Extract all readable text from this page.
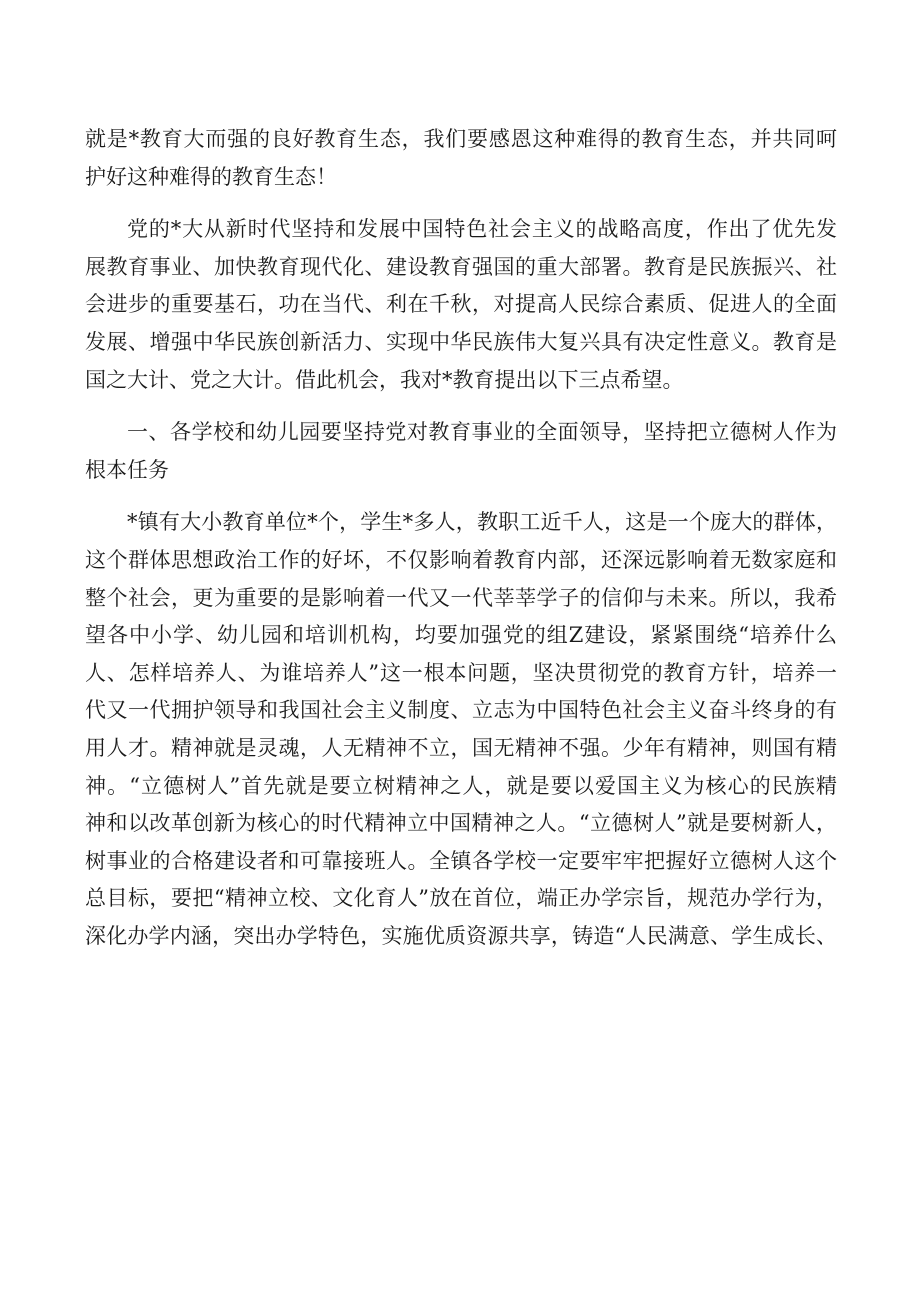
就是*教育大而强的良好教育生态，我们要感恩这种难得的教育生态，并共同呵
护好这种难得的教育生态！
党的*大从新时代坚持和发展中国特色社会主义的战略高度，作出了优先发
展教育事业、加快教育现代化、建设教育强国的重大部署。教育是民族振兴、社
会进步的重要基石，功在当代、利在千秋，对提高人民综合素质、促进人的全面
发展、增强中华民族创新活力、实现中华民族伟大复兴具有决定性意义。教育是
国之大计、党之大计。借此机会，我对*教育提出以下三点希望。
一、各学校和幼儿园要坚持党对教育事业的全面领导，坚持把立德树人作为
根本任务
*镇有大小教育单位*个，学生*多人，教职工近千人，这是一个庞大的群体，
这个群体思想政治工作的好坏，不仅影响着教育内部，还深远影响着无数家庭和
整个社会，更为重要的是影响着一代又一代莘莘学子的信仰与未来。所以，我希
望各中小学、幼儿园和培训机构，均要加强党的组Z建设，紧紧围绕“培养什么
人、怎样培养人、为谁培养人”这一根本问题，坚决贯彻党的教育方针，培养一
代又一代拥护领导和我国社会主义制度、立志为中国特色社会主义奋斗终身的有
用人才。精神就是灵魂，人无精神不立，国无精神不强。少年有精神，则国有精
神。“立德树人”首先就是要立树精神之人，就是要以爱国主义为核心的民族精
神和以改革创新为核心的时代精神立中国精神之人。“立德树人”就是要树新人，
树事业的合格建设者和可靠接班人。全镇各学校一定要牢牢把握好立德树人这个
总目标，要把“精神立校、文化育人”放在首位，端正办学宗旨，规范办学行为，
深化办学内涵，突出办学特色，实施优质资源共享，铸造“人民满意、学生成长、
